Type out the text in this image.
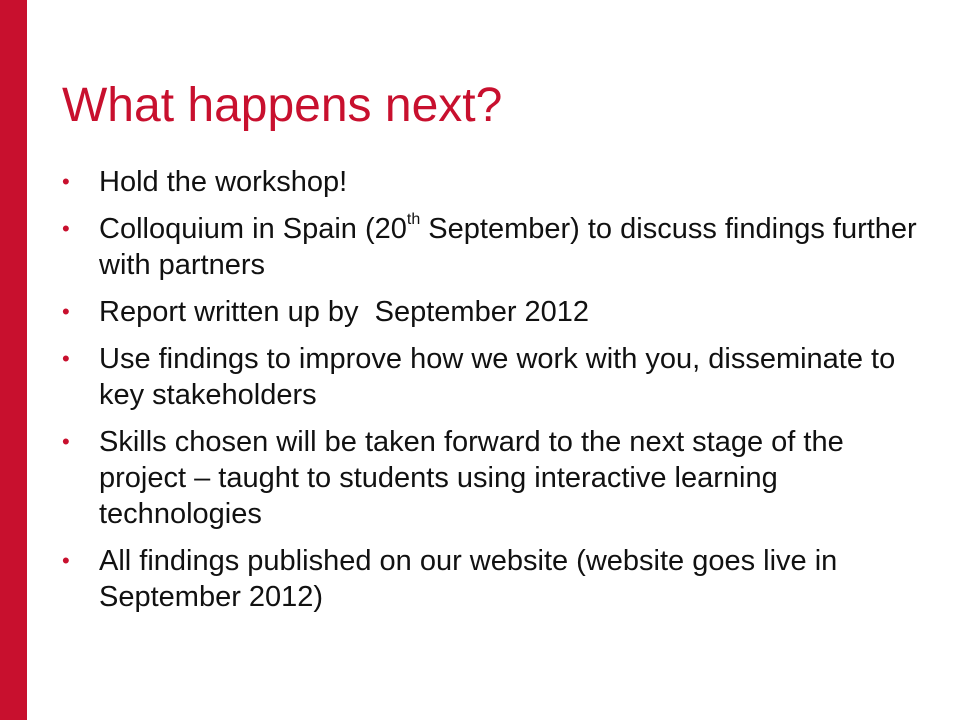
What happens next?
• Hold the workshop!
• Colloquium in Spain (20th September) to discuss findings further with partners
• Report written up by  September 2012
• Use findings to improve how we work with you, disseminate to key stakeholders
• Skills chosen will be taken forward to the next stage of the project – taught to students using interactive learning technologies
• All findings published on our website (website goes live in September 2012)
